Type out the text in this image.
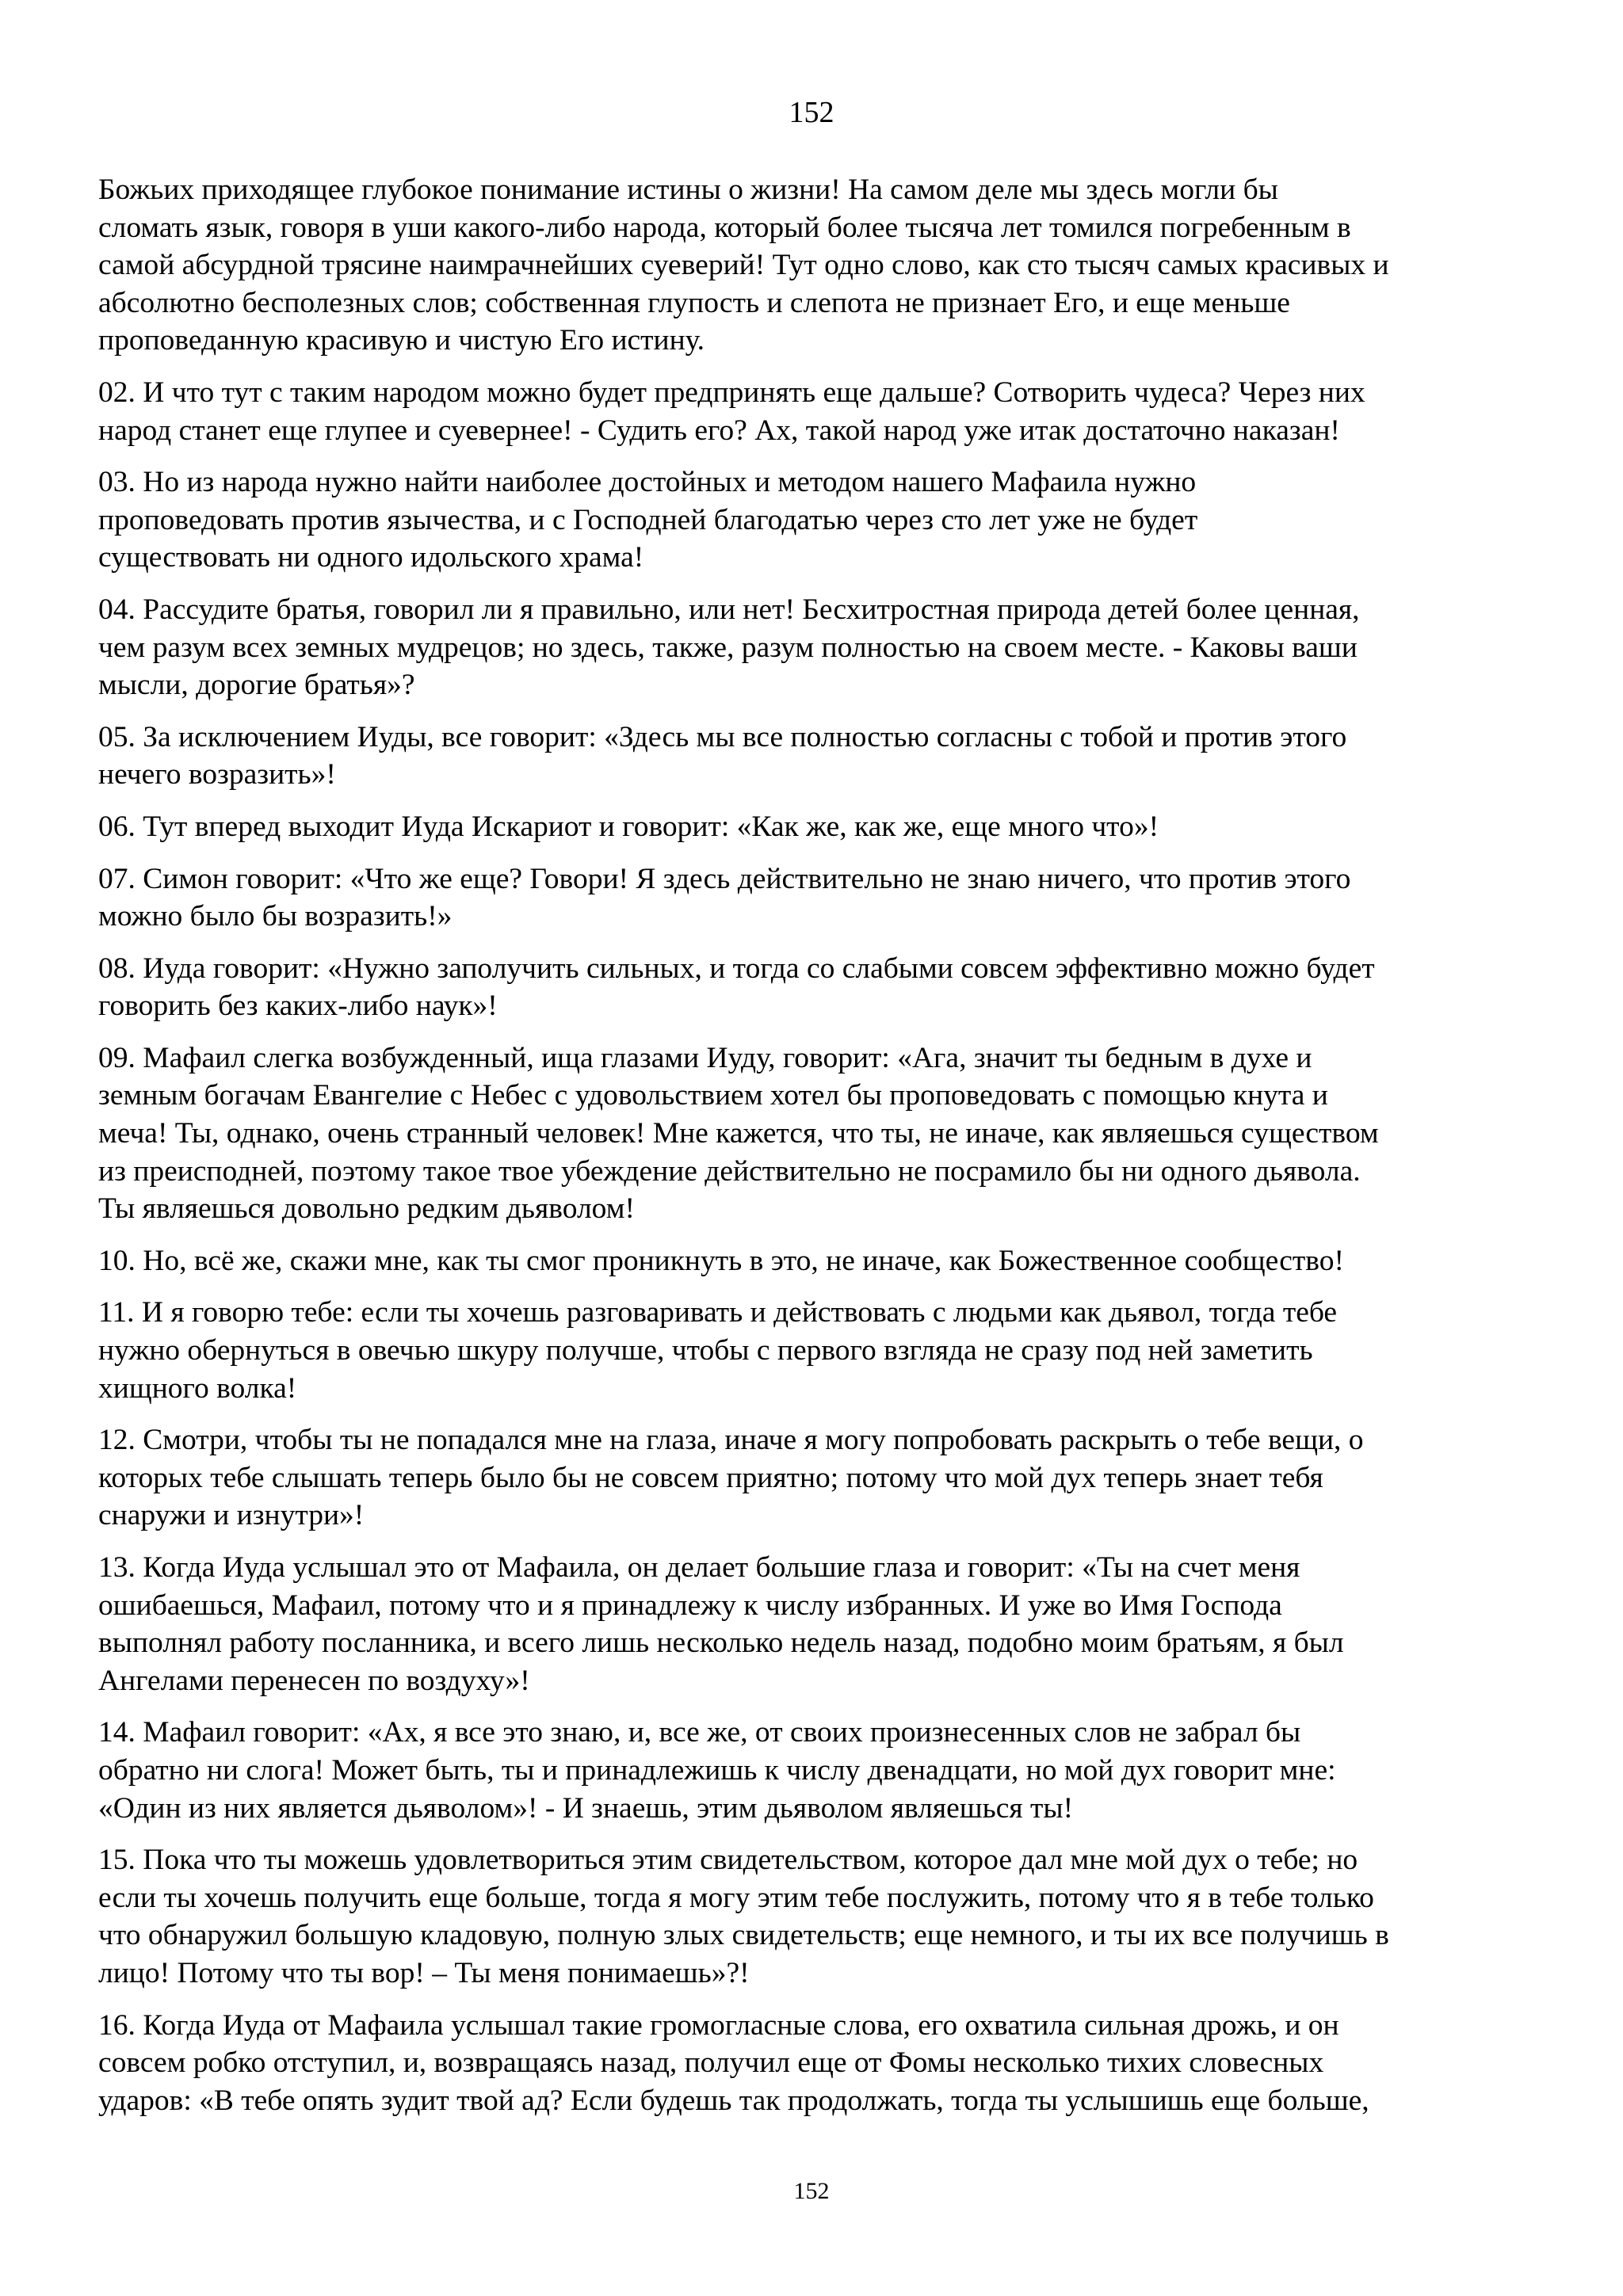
152

Божьих приходящее глубокое понимание истины о жизни! На самом деле мы здесь могли бы
сломать язык, говоря в уши какого-либо народа, который более тысяча лет томился погребенным в
самой абсурдной трясине наимрачнейших суеверий! Тут одно слово, как сто тысяч самых красивых и
абсолютно бесполезных слов; собственная глупость и слепота не признает Его, и еще меньше
проповеданную красивую и чистую Его истину.

02. И что тут с таким народом можно будет предпринять еще дальше? Сотворить чудеса? Через них
народ станет еще глупее и суевернее! - Судить его? Ах, такой народ уже итак достаточно наказан!

03. Но из народа нужно найти наиболее достойных и методом нашего Мафаила нужно
проповедовать против язычества, и с Господней благодатью через сто лет уже не будет
существовать ни одного идольского храма!

04. Рассудите братья, говорил ли я правильно, или нет! Бесхитростная природа детей более ценная,
чем разум всех земных мудрецов; но здесь, также, разум полностью на своем месте. - Каковы ваши
мысли, дорогие братья»?

05. За исключением Иуды, все говорит: «Здесь мы все полностью согласны с тобой и против этого
нечего возразить»!

06. Тут вперед выходит Иуда Искариот и говорит: «Как же, как же, еще много что»!

07. Симон говорит: «Что же еще? Говори! Я здесь действительно не знаю ничего, что против этого
можно было бы возразить!»

08. Иуда говорит: «Нужно заполучить сильных, и тогда со слабыми совсем эффективно можно будет
говорить без каких-либо наук»!

09. Мафаил слегка возбужденный, ища глазами Иуду, говорит: «Ага, значит ты бедным в духе и
земным богачам Евангелие с Небес с удовольствием хотел бы проповедовать с помощью кнута и
меча! Ты, однако, очень странный человек! Мне кажется, что ты, не иначе, как являешься существом
из преисподней, поэтому такое твое убеждение действительно не посрамило бы ни одного дьявола.
Ты являешься довольно редким дьяволом!

10. Но, всё же, скажи мне, как ты смог проникнуть в это, не иначе, как Божественное сообщество!

11. И я говорю тебе: если ты хочешь разговаривать и действовать с людьми как дьявол, тогда тебе
нужно обернуться в овечью шкуру получше, чтобы с первого взгляда не сразу под ней заметить
хищного волка!

12. Смотри, чтобы ты не попадался мне на глаза, иначе я могу попробовать раскрыть о тебе вещи, о
которых тебе слышать теперь было бы не совсем приятно; потому что мой дух теперь знает тебя
снаружи и изнутри»!

13. Когда Иуда услышал это от Мафаила, он делает большие глаза и говорит: «Ты на счет меня
ошибаешься, Мафаил, потому что и я принадлежу к числу избранных. И уже во Имя Господа
выполнял работу посланника, и всего лишь несколько недель назад, подобно моим братьям, я был
Ангелами перенесен по воздуху»!

14. Мафаил говорит: «Ах, я все это знаю, и, все же, от своих произнесенных слов не забрал бы
обратно ни слога! Может быть, ты и принадлежишь к числу двенадцати, но мой дух говорит мне:
«Один из них является дьяволом»! - И знаешь, этим дьяволом являешься ты!

15. Пока что ты можешь удовлетвориться этим свидетельством, которое дал мне мой дух о тебе; но
если ты хочешь получить еще больше, тогда я могу этим тебе послужить, потому что я в тебе только
что обнаружил большую кладовую, полную злых свидетельств; еще немного, и ты их все получишь в
лицо! Потому что ты вор! – Ты меня понимаешь»?!

16. Когда Иуда от Мафаила услышал такие громогласные слова, его охватила сильная дрожь, и он
совсем робко отступил, и, возвращаясь назад, получил еще от Фомы несколько тихих словесных
ударов: «В тебе опять зудит твой ад? Если будешь так продолжать, тогда ты услышишь еще больше,

152
